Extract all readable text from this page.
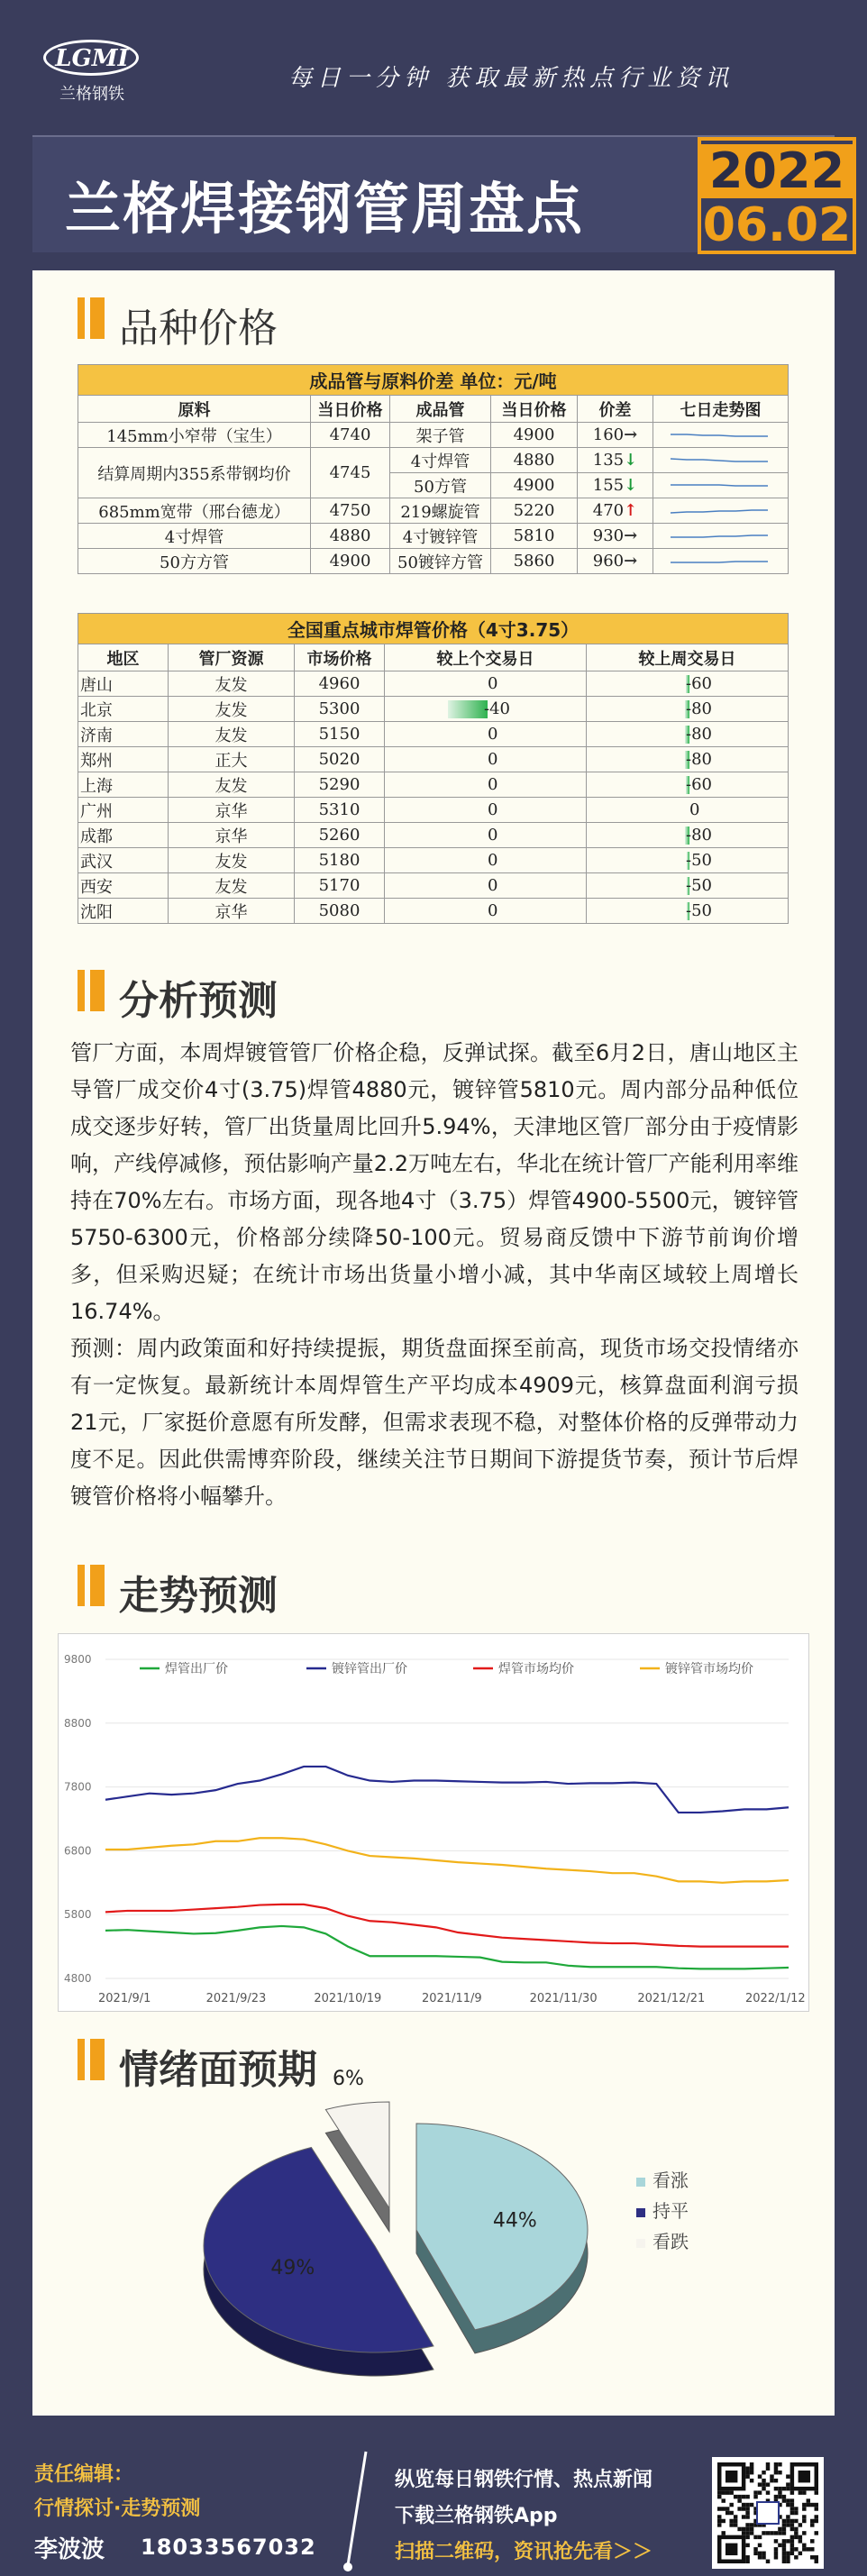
LGMI
兰格钢铁
每日一分钟 获取最新热点行业资讯
兰格焊接钢管周盘点
2022
06.02
品种价格
成品管与原料价差 单位：元/吨					
原料	当日价格	成品管	当日价格	价差	七日走势图
145mm小窄带（宝生）	4740	架子管	4900	160→	

结算周期内355系带钢均价	4745	4寸焊管	4880	135↓	

		50方管	4900	155↓	

685mm宽带（邢台德龙）	4750	219螺旋管	5220	470↑	

4寸焊管	4880	4寸镀锌管	5810	930→	

50方方管	4900	50镀锌方管	5860	960→	
全国重点城市焊管价格（4寸3.75）				
地区	管厂资源	市场价格	较上个交易日	较上周交易日
唐山	友发	4960	0	-60

北京	友发	5300	-40	-80

济南	友发	5150	0	-80

郑州	正大	5020	0	-80

上海	友发	5290	0	-60

广州	京华	5310	0	0

成都	京华	5260	0	-80

武汉	友发	5180	0	-50

西安	友发	5170	0	-50

沈阳	京华	5080	0	-50
分析预测
管厂方面，本周焊镀管管厂价格企稳，反弹试探。截至6月2日，唐山地区主导管厂成交价4寸(3.75)焊管4880元，镀锌管5810元。周内部分品种低位成交逐步好转，管厂出货量周比回升5.94%，天津地区管厂部分由于疫情影响，产线停减修，预估影响产量2.2万吨左右，华北在统计管厂产能利用率维持在70%左右。市场方面，现各地4寸（3.75）焊管4900-5500元，镀锌管5750-6300元，价格部分续降50-100元。贸易商反馈中下游节前询价增多，但采购迟疑；在统计市场出货量小增小减，其中华南区域较上周增长16.74%。
预测：周内政策面和好持续提振，期货盘面探至前高，现货市场交投情绪亦有一定恢复。最新统计本周焊管生产平均成本4909元，核算盘面利润亏损21元，厂家挺价意愿有所发酵，但需求表现不稳，对整体价格的反弹带动力度不足。因此供需博弈阶段，继续关注节日期间下游提货节奏，预计节后焊镀管价格将小幅攀升。
走势预测
4800
5800
6800
7800
8800
9800
2021/9/1	2021/9/23	2021/10/19	2021/11/9	2021/11/30	2021/12/21	2022/1/12
焊管出厂价	镀锌管出厂价	焊管市场均价	镀锌管市场均价
情绪面预期
44%
看涨
49%
持平
6%
看跌
责任编辑：
行情探讨·走势预测
李波波 18033567032
纵览每日钢铁行情、热点新闻
下载兰格钢铁App
扫描二维码，资讯抢先看＞＞
